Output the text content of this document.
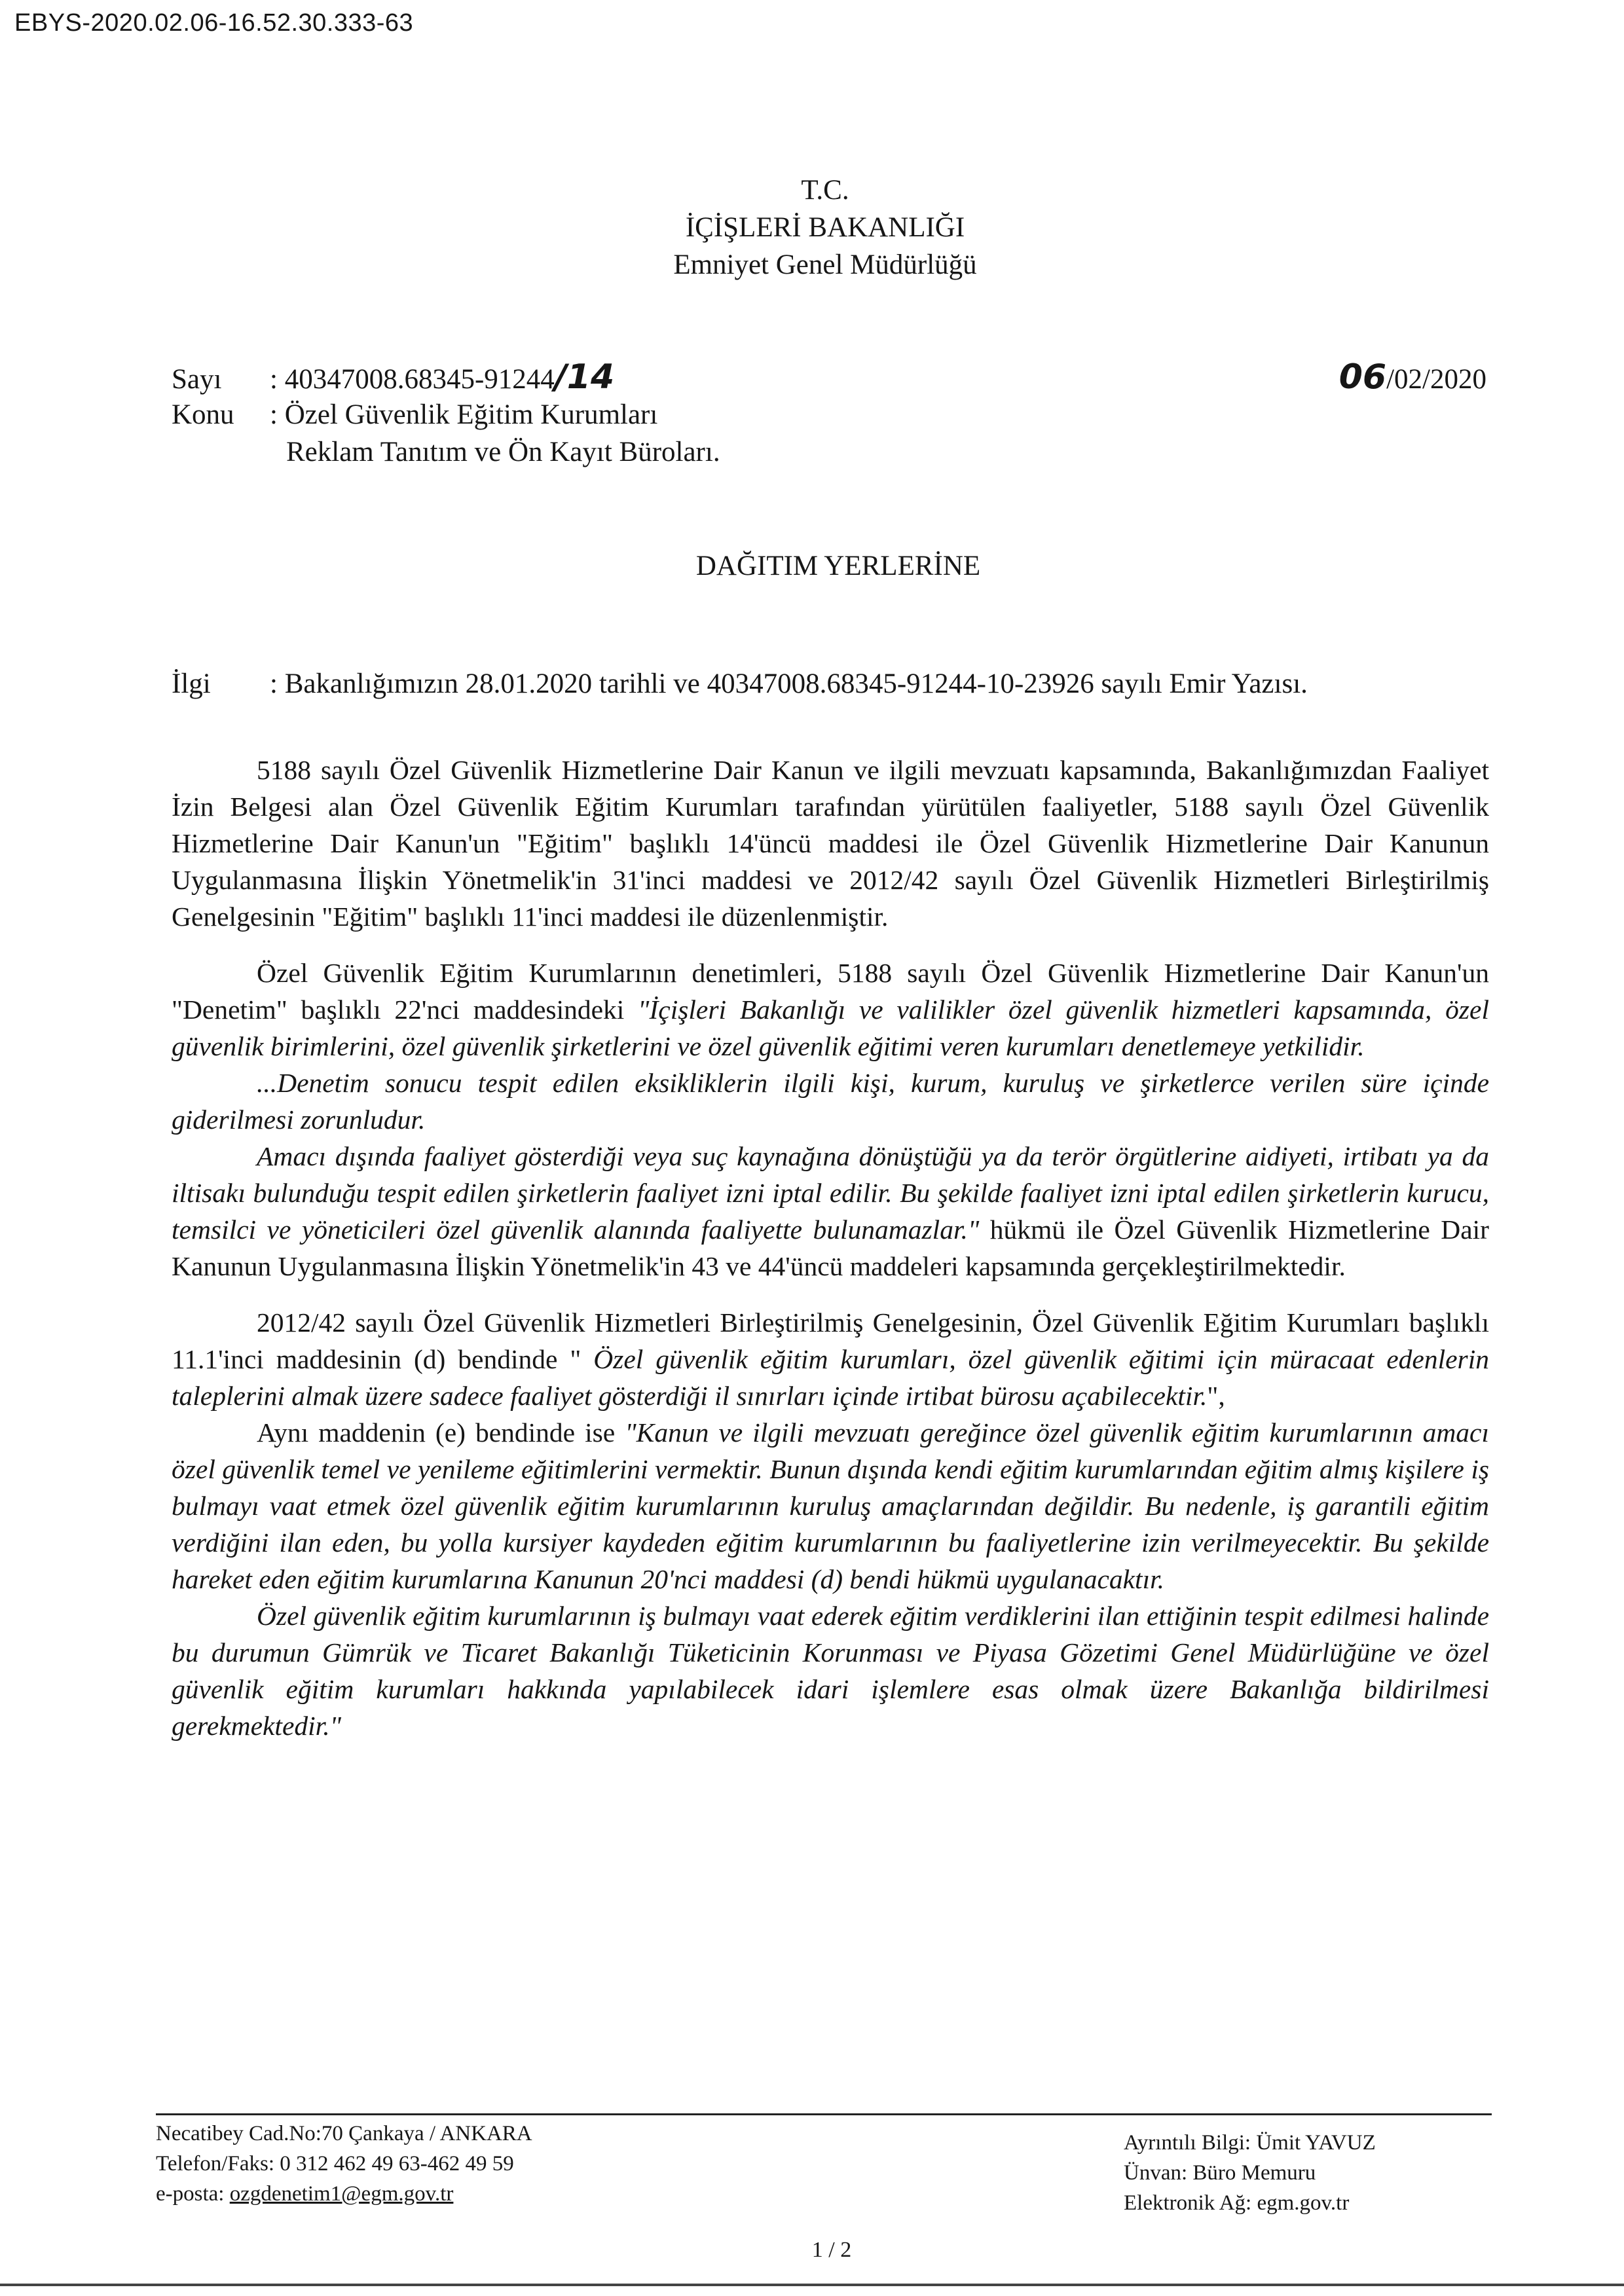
EBYS-2020.02.06-16.52.30.333-63
T.C.
İÇİŞLERİ BAKANLIĞI
Emniyet Genel Müdürlüğü
Sayı : 40347008.68345-91244/14
Konu : Özel Güvenlik Eğitim Kurumları
Reklam Tanıtım ve Ön Kayıt Büroları.
06/02/2020
DAĞITIM YERLERİNE
İlgi : Bakanlığımızın 28.01.2020 tarihli ve 40347008.68345-91244-10-23926 sayılı Emir Yazısı.

5188 sayılı Özel Güvenlik Hizmetlerine Dair Kanun ve ilgili mevzuatı kapsamında, Bakanlığımızdan Faaliyet İzin Belgesi alan Özel Güvenlik Eğitim Kurumları tarafından yürütülen faaliyetler, 5188 sayılı Özel Güvenlik Hizmetlerine Dair Kanun'un "Eğitim" başlıklı 14'üncü maddesi ile Özel Güvenlik Hizmetlerine Dair Kanunun Uygulanmasına İlişkin Yönetmelik'in 31'inci maddesi ve 2012/42 sayılı Özel Güvenlik Hizmetleri Birleştirilmiş Genelgesinin "Eğitim" başlıklı 11'inci maddesi ile düzenlenmiştir.

Özel Güvenlik Eğitim Kurumlarının denetimleri, 5188 sayılı Özel Güvenlik Hizmetlerine Dair Kanun'un "Denetim" başlıklı 22'nci maddesindeki "İçişleri Bakanlığı ve valilikler özel güvenlik hizmetleri kapsamında, özel güvenlik birimlerini, özel güvenlik şirketlerini ve özel güvenlik eğitimi veren kurumları denetlemeye yetkilidir.

...Denetim sonucu tespit edilen eksikliklerin ilgili kişi, kurum, kuruluş ve şirketlerce verilen süre içinde giderilmesi zorunludur.

Amacı dışında faaliyet gösterdiği veya suç kaynağına dönüştüğü ya da terör örgütlerine aidiyeti, irtibatı ya da iltisakı bulunduğu tespit edilen şirketlerin faaliyet izni iptal edilir. Bu şekilde faaliyet izni iptal edilen şirketlerin kurucu, temsilci ve yöneticileri özel güvenlik alanında faaliyette bulunamazlar." hükmü ile Özel Güvenlik Hizmetlerine Dair Kanunun Uygulanmasına İlişkin Yönetmelik'in 43 ve 44'üncü maddeleri kapsamında gerçekleştirilmektedir.

2012/42 sayılı Özel Güvenlik Hizmetleri Birleştirilmiş Genelgesinin, Özel Güvenlik Eğitim Kurumları başlıklı 11.1'inci maddesinin (d) bendinde " Özel güvenlik eğitim kurumları, özel güvenlik eğitimi için müracaat edenlerin taleplerini almak üzere sadece faaliyet gösterdiği il sınırları içinde irtibat bürosu açabilecektir.",

Aynı maddenin (e) bendinde ise "Kanun ve ilgili mevzuatı gereğince özel güvenlik eğitim kurumlarının amacı özel güvenlik temel ve yenileme eğitimlerini vermektir. Bunun dışında kendi eğitim kurumlarından eğitim almış kişilere iş bulmayı vaat etmek özel güvenlik eğitim kurumlarının kuruluş amaçlarından değildir. Bu nedenle, iş garantili eğitim verdiğini ilan eden, bu yolla kursiyer kaydeden eğitim kurumlarının bu faaliyetlerine izin verilmeyecektir. Bu şekilde hareket eden eğitim kurumlarına Kanunun 20'nci maddesi (d) bendi hükmü uygulanacaktır.

Özel güvenlik eğitim kurumlarının iş bulmayı vaat ederek eğitim verdiklerini ilan ettiğinin tespit edilmesi halinde bu durumun Gümrük ve Ticaret Bakanlığı Tüketicinin Korunması ve Piyasa Gözetimi Genel Müdürlüğüne ve özel güvenlik eğitim kurumları hakkında yapılabilecek idari işlemlere esas olmak üzere Bakanlığa bildirilmesi gerekmektedir."

Necatibey Cad.No:70 Çankaya / ANKARA
Telefon/Faks: 0 312 462 49 63-462 49 59
e-posta: ozgdenetim1@egm.gov.tr
Ayrıntılı Bilgi: Ümit YAVUZ
Ünvan: Büro Memuru
Elektronik Ağ: egm.gov.tr
1 / 2
